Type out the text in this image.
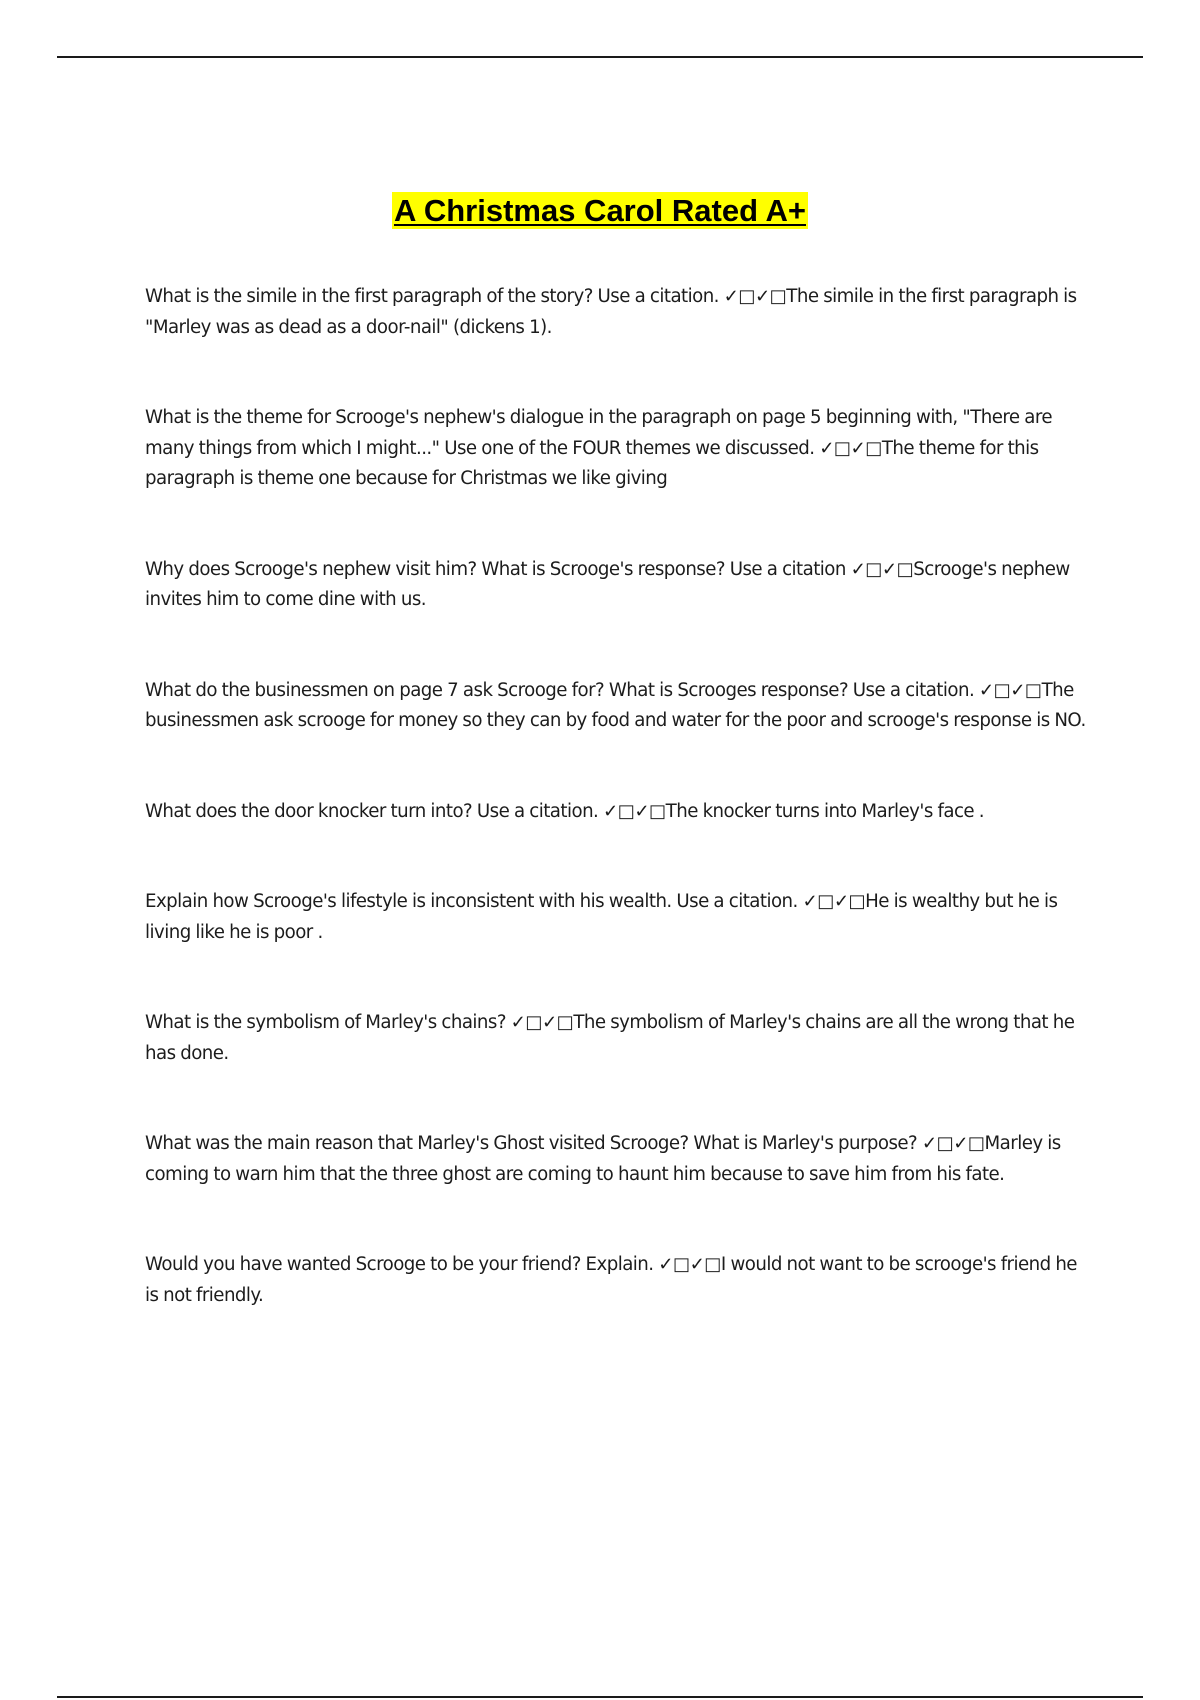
A Christmas Carol Rated A+

What is the simile in the first paragraph of the story? Use a citation. ✓□✓□The simile in the first paragraph is "Marley was as dead as a door-nail" (dickens 1).

What is the theme for Scrooge's nephew's dialogue in the paragraph on page 5 beginning with, "There are many things from which I might..." Use one of the FOUR themes we discussed. ✓□✓□The theme for this paragraph is theme one because for Christmas we like giving

Why does Scrooge's nephew visit him? What is Scrooge's response? Use a citation ✓□✓□Scrooge's nephew invites him to come dine with us.

What do the businessmen on page 7 ask Scrooge for? What is Scrooges response? Use a citation. ✓□✓□The businessmen ask scrooge for money so they can by food and water for the poor and scrooge's response is NO.

What does the door knocker turn into? Use a citation. ✓□✓□The knocker turns into Marley's face .

Explain how Scrooge's lifestyle is inconsistent with his wealth. Use a citation. ✓□✓□He is wealthy but he is living like he is poor .

What is the symbolism of Marley's chains? ✓□✓□The symbolism of Marley's chains are all the wrong that he has done.

What was the main reason that Marley's Ghost visited Scrooge? What is Marley's purpose? ✓□✓□Marley is coming to warn him that the three ghost are coming to haunt him because to save him from his fate.

Would you have wanted Scrooge to be your friend? Explain. ✓□✓□I would not want to be scrooge's friend he is not friendly.
